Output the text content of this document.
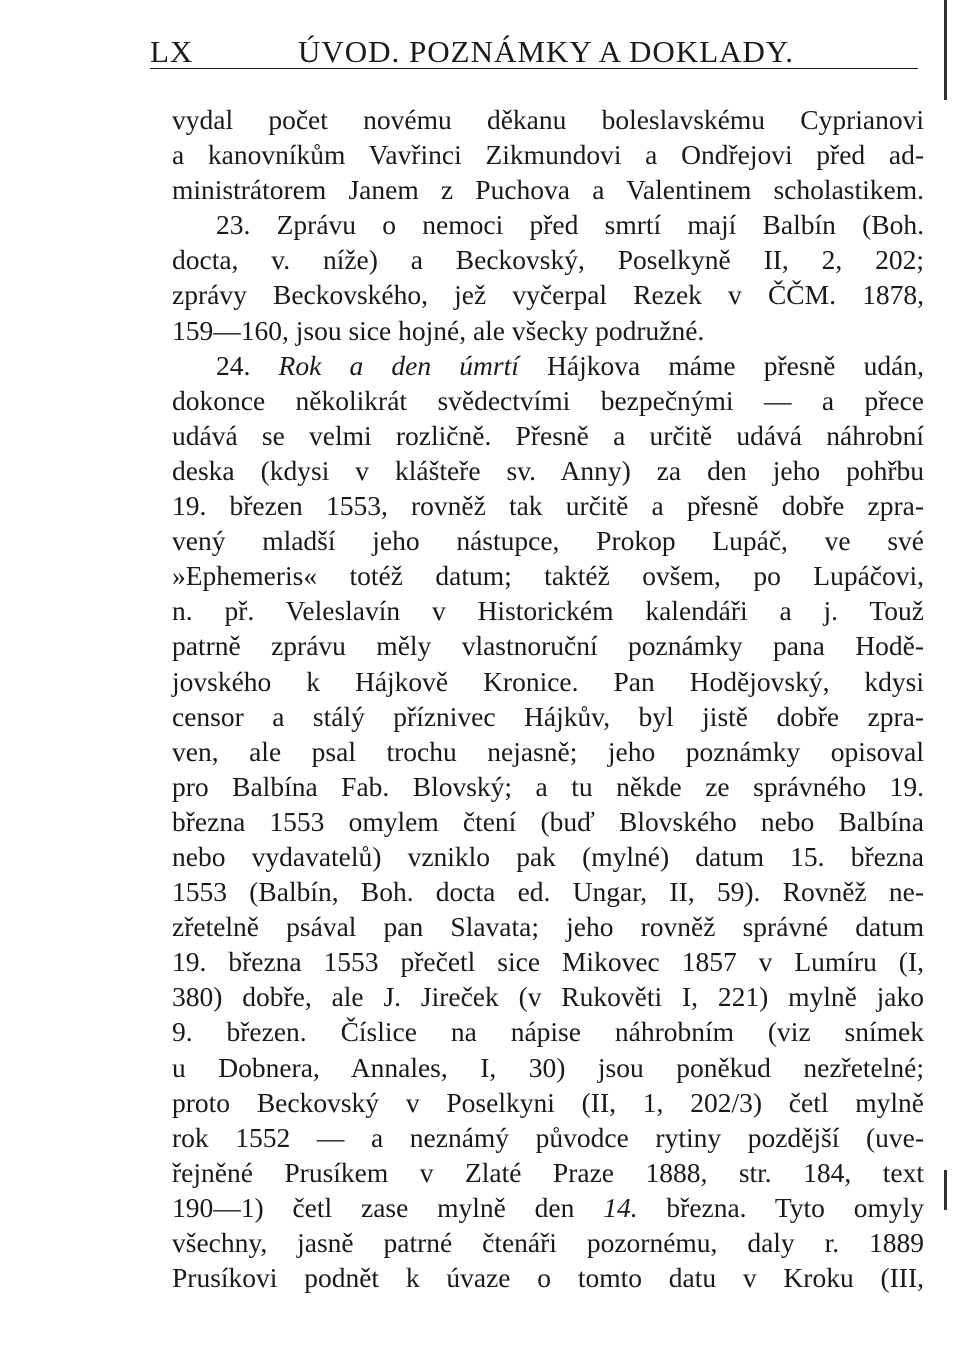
LX	ÚVOD. POZNÁMKY A DOKLADY.
vydal počet novému děkanu boleslavskému Cyprianovi
a kanovníkům Vavřinci Zikmundovi a Ondřejovi před ad-
ministrátorem Janem z Puchova a Valentinem scholastikem.
23. Zprávu o nemoci před smrtí mají Balbín (Boh.
docta, v. níže) a Beckovský, Poselkyně II, 2, 202;
zprávy Beckovského, jež vyčerpal Rezek v ČČM. 1878,
159—160, jsou sice hojné, ale všecky podružné.
24. Rok a den úmrtí Hájkova máme přesně udán,
dokonce několikrát svědectvími bezpečnými — a přece
udává se velmi rozličně. Přesně a určitě udává náhrobní
deska (kdysi v klášteře sv. Anny) za den jeho pohřbu
19. březen 1553, rovněž tak určitě a přesně dobře zpra-
vený mladší jeho nástupce, Prokop Lupáč, ve své
»Ephemeris« totéž datum; taktéž ovšem, po Lupáčovi,
n. př. Veleslavín v Historickém kalendáři a j. Touž
patrně zprávu měly vlastnoruční poznámky pana Hodě-
jovského k Hájkově Kronice. Pan Hodějovský, kdysi
censor a stálý příznivec Hájkův, byl jistě dobře zpra-
ven, ale psal trochu nejasně; jeho poznámky opisoval
pro Balbína Fab. Blovský; a tu někde ze správného 19.
března 1553 omylem čtení (buď Blovského nebo Balbína
nebo vydavatelů) vzniklo pak (mylné) datum 15. března
1553 (Balbín, Boh. docta ed. Ungar, II, 59). Rovněž ne-
zřetelně psával pan Slavata; jeho rovněž správné datum
19. března 1553 přečetl sice Mikovec 1857 v Lumíru (I,
380) dobře, ale J. Jireček (v Rukověti I, 221) mylně jako
9. březen. Číslice na nápise náhrobním (viz snímek
u Dobnera, Annales, I, 30) jsou poněkud nezřetelné;
proto Beckovský v Poselkyni (II, 1, 202/3) četl mylně
rok 1552 — a neznámý původce rytiny pozdější (uve-
řejněné Prusíkem v Zlaté Praze 1888, str. 184, text
190—1) četl zase mylně den 14. března. Tyto omyly
všechny, jasně patrné čtenáři pozornému, daly r. 1889
Prusíkovi podnět k úvaze o tomto datu v Kroku (III,
